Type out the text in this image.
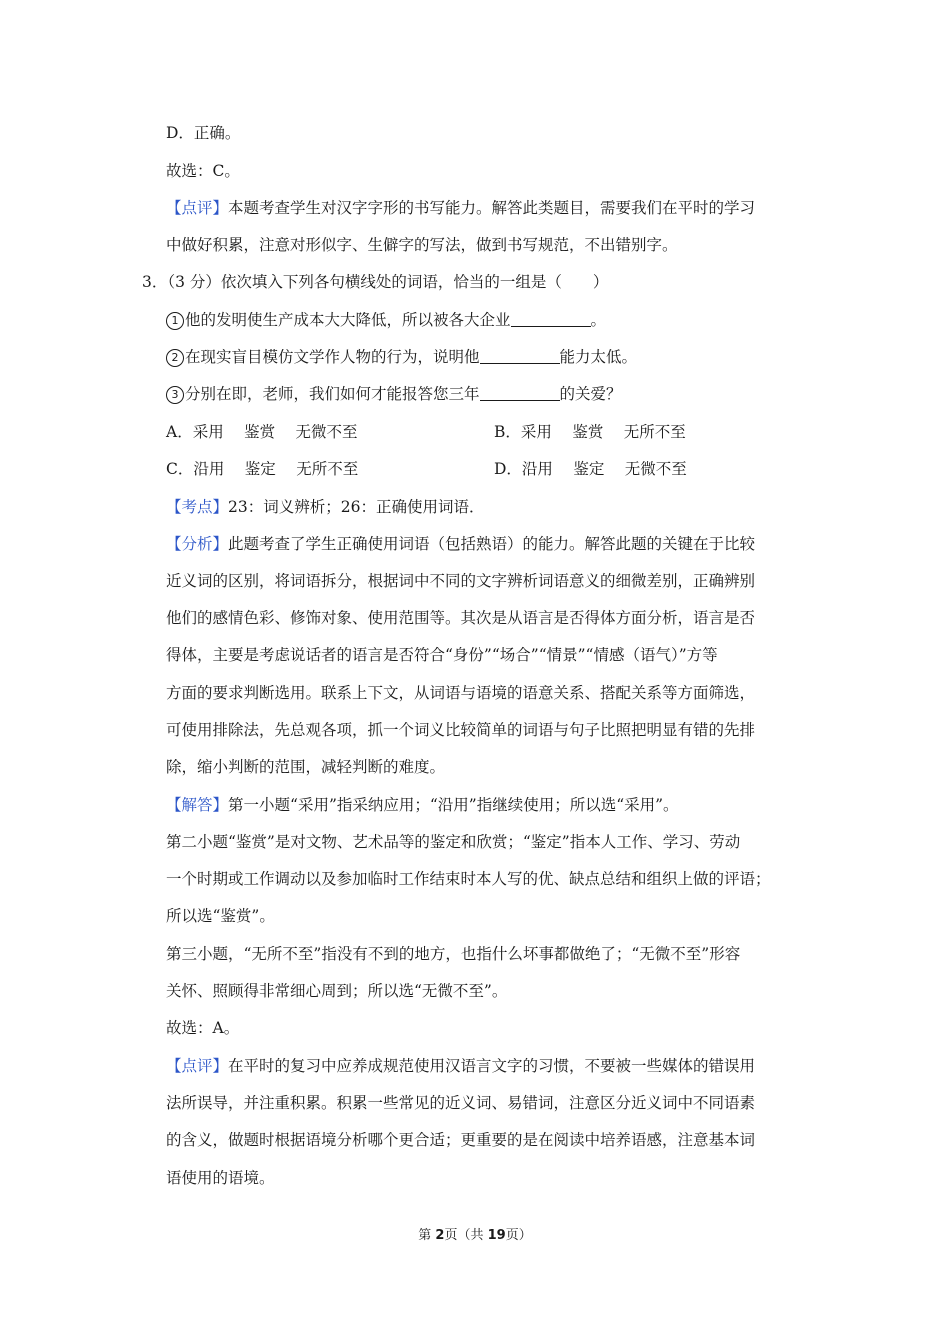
D．正确。
故选：C。
【点评】本题考查学生对汉字字形的书写能力。解答此类题目，需要我们在平时的学习
中做好积累，注意对形似字、生僻字的写法，做到书写规范，不出错别字。
3．（3 分）依次填入下列各句横线处的词语，恰当的一组是（　　）
1 他的发明使生产成本大大降低，所以被各大企业	。
2 在现实盲目模仿文学作人物的行为，说明他	能力太低。
3 分别在即，老师，我们如何才能报答您三年	的关爱？
A．采用　 鉴赏　 无微不至	B．采用　 鉴赏　 无所不至
C．沿用　 鉴定　 无所不至	D．沿用　 鉴定　 无微不至
【考点】23：词义辨析；26：正确使用词语．
【分析】此题考查了学生正确使用词语（包括熟语）的能力。解答此题的关键在于比较
近义词的区别，将词语拆分，根据词中不同的文字辨析词语意义的细微差别，正确辨别
他们的感情色彩、修饰对象、使用范围等。其次是从语言是否得体方面分析，语言是否
得体，主要是考虑说话者的语言是否符合“身份”“场合”“情景”“情感（语气）”方等
方面的要求判断选用。联系上下文，从词语与语境的语意关系、搭配关系等方面筛选，
可使用排除法，先总观各项，抓一个词义比较简单的词语与句子比照把明显有错的先排
除，缩小判断的范围，减轻判断的难度。
【解答】第一小题“采用”指采纳应用；“沿用”指继续使用；所以选“采用”。
第二小题“鉴赏”是对文物、艺术品等的鉴定和欣赏；“鉴定”指本人工作、学习、劳动
一个时期或工作调动以及参加临时工作结束时本人写的优、缺点总结和组织上做的评语；
所以选“鉴赏”。
第三小题，“无所不至”指没有不到的地方，也指什么坏事都做绝了；“无微不至”形容
关怀、照顾得非常细心周到；所以选“无微不至”。
故选：A。
【点评】在平时的复习中应养成规范使用汉语言文字的习惯，不要被一些媒体的错误用
法所误导，并注重积累。积累一些常见的近义词、易错词，注意区分近义词中不同语素
的含义，做题时根据语境分析哪个更合适；更重要的是在阅读中培养语感，注意基本词
语使用的语境。
第 2页（共 19页）
